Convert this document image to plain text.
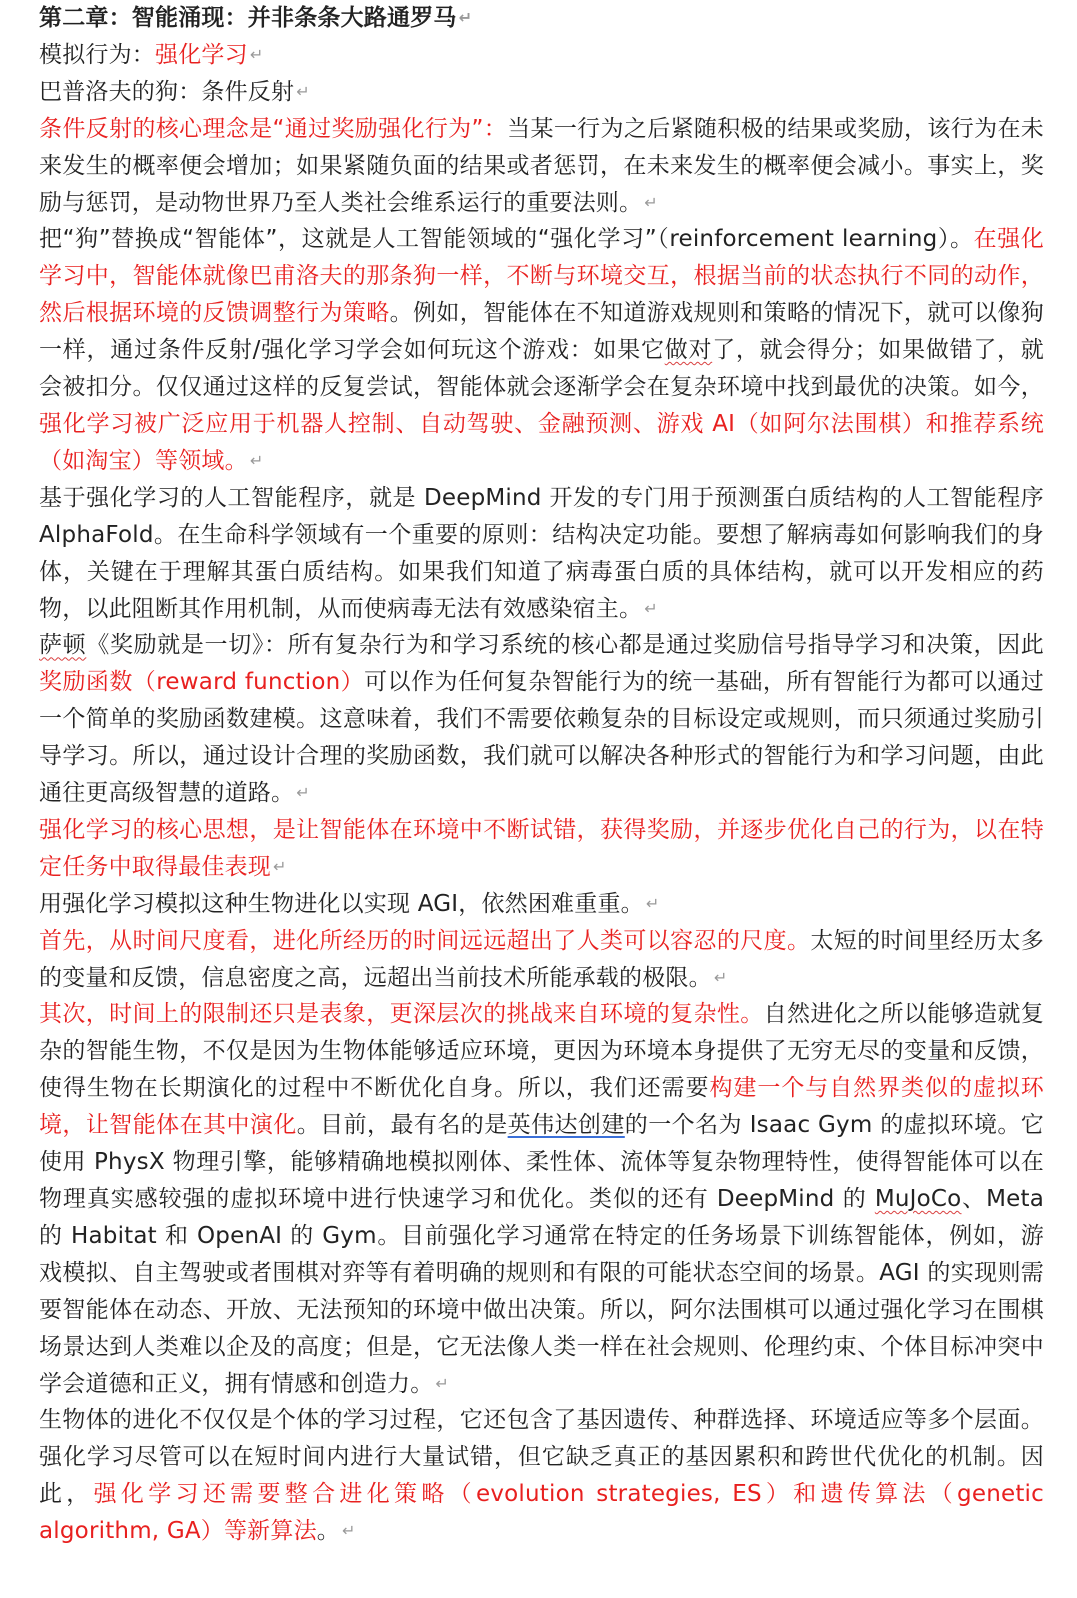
第二章：智能涌现：并非条条大路通罗马 ↵

模拟行为：强化学习 ↵

巴普洛夫的狗：条件反射 ↵

条件反射的核心理念是“通过奖励强化行为”：当某一行为之后紧随积极的结果或奖励，该行为在未来发生的概率便会增加；如果紧随负面的结果或者惩罚，在未来发生的概率便会减小。事实上，奖励与惩罚，是动物世界乃至人类社会维系运行的重要法则。 ↵

把“狗”替换成“智能体”，这就是人工智能领域的“强化学习”（reinforcement learning）。在强化学习中，智能体就像巴甫洛夫的那条狗一样，不断与环境交互，根据当前的状态执行不同的动作，然后根据环境的反馈调整行为策略。例如，智能体在不知道游戏规则和策略的情况下，就可以像狗一样，通过条件反射/强化学习学会如何玩这个游戏：如果它做对了，就会得分；如果做错了，就会被扣分。仅仅通过这样的反复尝试，智能体就会逐渐学会在复杂环境中找到最优的决策。如今，强化学习被广泛应用于机器人控制、自动驾驶、金融预测、游戏 AI（如阿尔法围棋）和推荐系统（如淘宝）等领域。 ↵

基于强化学习的人工智能程序，就是 DeepMind 开发的专门用于预测蛋白质结构的人工智能程序 AlphaFold。在生命科学领域有一个重要的原则：结构决定功能。要想了解病毒如何影响我们的身体，关键在于理解其蛋白质结构。如果我们知道了病毒蛋白质的具体结构，就可以开发相应的药物，以此阻断其作用机制，从而使病毒无法有效感染宿主。 ↵

萨顿《奖励就是一切》：所有复杂行为和学习系统的核心都是通过奖励信号指导学习和决策，因此奖励函数（reward function）可以作为任何复杂智能行为的统一基础，所有智能行为都可以通过一个简单的奖励函数建模。这意味着，我们不需要依赖复杂的目标设定或规则，而只须通过奖励引导学习。所以，通过设计合理的奖励函数，我们就可以解决各种形式的智能行为和学习问题，由此通往更高级智慧的道路。 ↵

强化学习的核心思想，是让智能体在环境中不断试错，获得奖励，并逐步优化自己的行为，以在特定任务中取得最佳表现 ↵

用强化学习模拟这种生物进化以实现 AGI，依然困难重重。 ↵

首先，从时间尺度看，进化所经历的时间远远超出了人类可以容忍的尺度。太短的时间里经历太多的变量和反馈，信息密度之高，远超出当前技术所能承载的极限。 ↵

其次，时间上的限制还只是表象，更深层次的挑战来自环境的复杂性。自然进化之所以能够造就复杂的智能生物，不仅是因为生物体能够适应环境，更因为环境本身提供了无穷无尽的变量和反馈，使得生物在长期演化的过程中不断优化自身。所以，我们还需要构建一个与自然界类似的虚拟环境，让智能体在其中演化。目前，最有名的是英伟达创建的一个名为 Isaac Gym 的虚拟环境。它使用 PhysX 物理引擎，能够精确地模拟刚体、柔性体、流体等复杂物理特性，使得智能体可以在物理真实感较强的虚拟环境中进行快速学习和优化。类似的还有 DeepMind 的 MuJoCo、Meta 的 Habitat 和 OpenAI 的 Gym。目前强化学习通常在特定的任务场景下训练智能体，例如，游戏模拟、自主驾驶或者围棋对弈等有着明确的规则和有限的可能状态空间的场景。AGI 的实现则需要智能体在动态、开放、无法预知的环境中做出决策。所以，阿尔法围棋可以通过强化学习在围棋场景达到人类难以企及的高度；但是，它无法像人类一样在社会规则、伦理约束、个体目标冲突中学会道德和正义，拥有情感和创造力。 ↵

生物体的进化不仅仅是个体的学习过程，它还包含了基因遗传、种群选择、环境适应等多个层面。强化学习尽管可以在短时间内进行大量试错，但它缺乏真正的基因累积和跨世代优化的机制。因此，强化学习还需要整合进化策略（evolution strategies, ES）和遗传算法（genetic algorithm, GA）等新算法。 ↵
